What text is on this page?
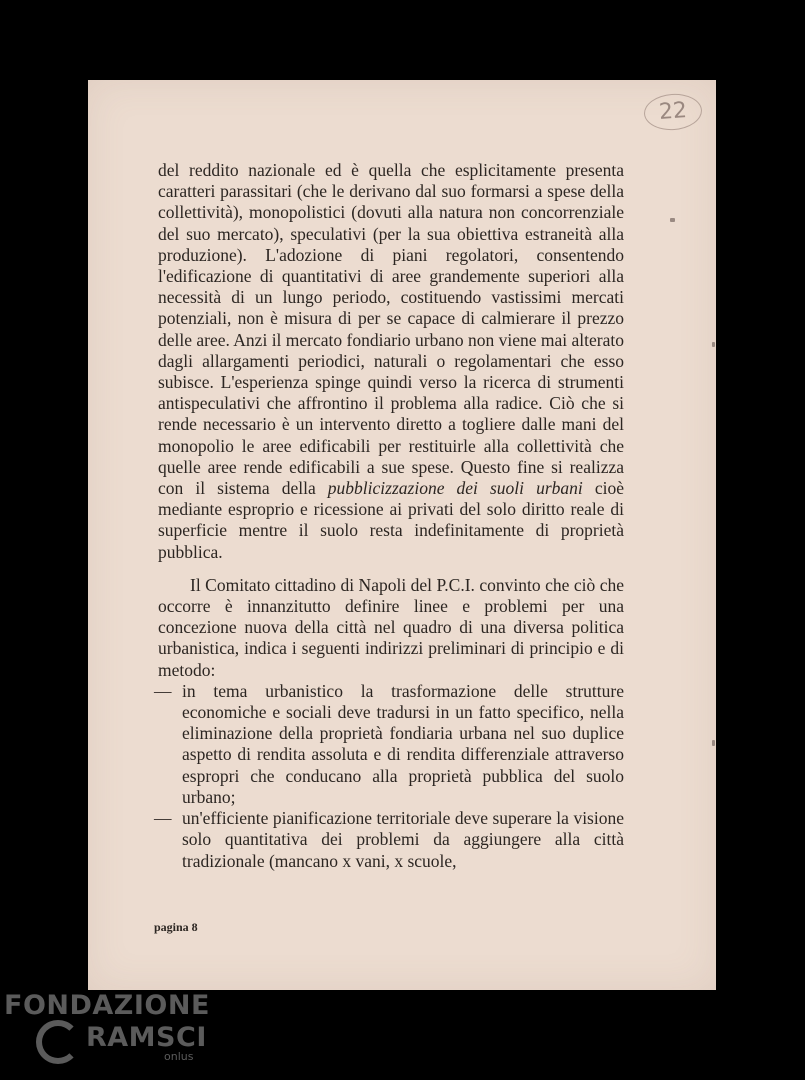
22

del reddito nazionale ed è quella che esplicitamente presenta caratteri parassitari (che le derivano dal suo formarsi a spese della collettività), monopolistici (dovuti alla natura non concorrenziale del suo mercato), speculativi (per la sua obiettiva estraneità alla produzione). L'adozione di piani regolatori, consentendo l'edificazione di quantitativi di aree grandemente superiori alla necessità di un lungo periodo, costituendo vastissimi mercati potenziali, non è misura di per se capace di calmierare il prezzo delle aree. Anzi il mercato fondiario urbano non viene mai alterato dagli allargamenti periodici, naturali o regolamentari che esso subisce. L'esperienza spinge quindi verso la ricerca di strumenti antispeculativi che affrontino il problema alla radice. Ciò che si rende necessario è un intervento diretto a togliere dalle mani del monopolio le aree edificabili per restituirle alla collettività che quelle aree rende edificabili a sue spese. Questo fine si realizza con il sistema della pubblicizzazione dei suoli urbani cioè mediante esproprio e ricessione ai privati del solo diritto reale di superficie mentre il suolo resta indefinitamente di proprietà pubblica.

Il Comitato cittadino di Napoli del P.C.I. convinto che ciò che occorre è innanzitutto definire linee e problemi per una concezione nuova della città nel quadro di una diversa politica urbanistica, indica i seguenti indirizzi preliminari di principio e di metodo:

— in tema urbanistico la trasformazione delle strutture economiche e sociali deve tradursi in un fatto specifico, nella eliminazione della proprietà fondiaria urbana nel suo duplice aspetto di rendita assoluta e di rendita differenziale attraverso espropri che conducano alla proprietà pubblica del suolo urbano;
— un'efficiente pianificazione territoriale deve superare la visione solo quantitativa dei problemi da aggiungere alla città tradizionale (mancano x vani, x scuole,
pagina 8
FONDAZIONE
RAMSCI
onlus
